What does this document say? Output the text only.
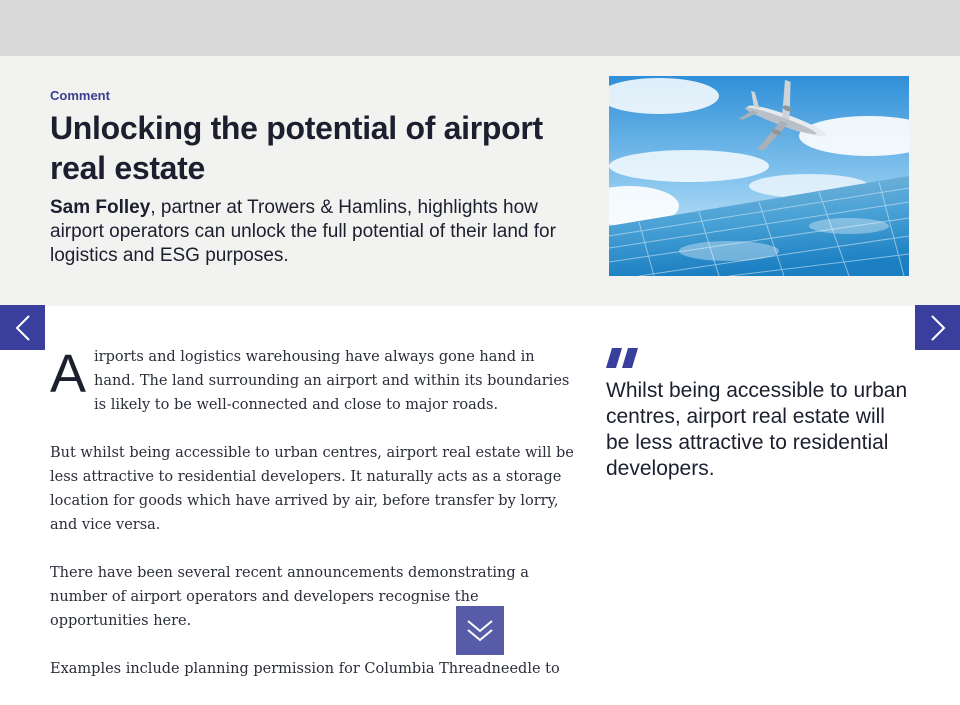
Comment
Unlocking the potential of airport real estate

Sam Folley, partner at Trowers & Hamlins, highlights how airport operators can unlock the full potential of their land for logistics and ESG purposes.

Airports and logistics warehousing have always gone hand in hand. The land surrounding an airport and within its boundaries is likely to be well-connected and close to major roads.

But whilst being accessible to urban centres, airport real estate will be less attractive to residential developers. It naturally acts as a storage location for goods which have arrived by air, before transfer by lorry, and vice versa.

There have been several recent announcements demonstrating a number of airport operators and developers recognise the opportunities here.

Examples include planning permission for Columbia Threadneedle to

Whilst being accessible to urban centres, airport real estate will be less attractive to residential developers.
